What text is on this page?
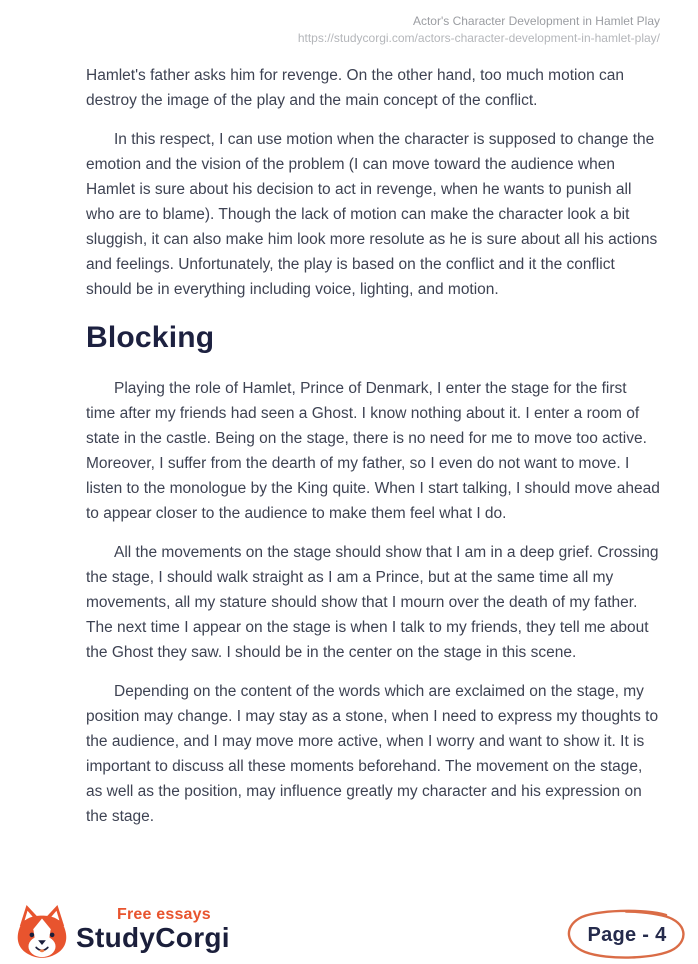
Actor's Character Development in Hamlet Play
https://studycorgi.com/actors-character-development-in-hamlet-play/

Hamlet's father asks him for revenge. On the other hand, too much motion can destroy the image of the play and the main concept of the conflict.

In this respect, I can use motion when the character is supposed to change the emotion and the vision of the problem (I can move toward the audience when Hamlet is sure about his decision to act in revenge, when he wants to punish all who are to blame). Though the lack of motion can make the character look a bit sluggish, it can also make him look more resolute as he is sure about all his actions and feelings. Unfortunately, the play is based on the conflict and it the conflict should be in everything including voice, lighting, and motion.

Blocking

Playing the role of Hamlet, Prince of Denmark, I enter the stage for the first time after my friends had seen a Ghost. I know nothing about it. I enter a room of state in the castle. Being on the stage, there is no need for me to move too active. Moreover, I suffer from the dearth of my father, so I even do not want to move. I listen to the monologue by the King quite. When I start talking, I should move ahead to appear closer to the audience to make them feel what I do.

All the movements on the stage should show that I am in a deep grief. Crossing the stage, I should walk straight as I am a Prince, but at the same time all my movements, all my stature should show that I mourn over the death of my father. The next time I appear on the stage is when I talk to my friends, they tell me about the Ghost they saw. I should be in the center on the stage in this scene.

Depending on the content of the words which are exclaimed on the stage, my position may change. I may stay as a stone, when I need to express my thoughts to the audience, and I may move more active, when I worry and want to show it. It is important to discuss all these moments beforehand. The movement on the stage, as well as the position, may influence greatly my character and his expression on the stage.

Free essays
StudyCorgi	Page - 4
